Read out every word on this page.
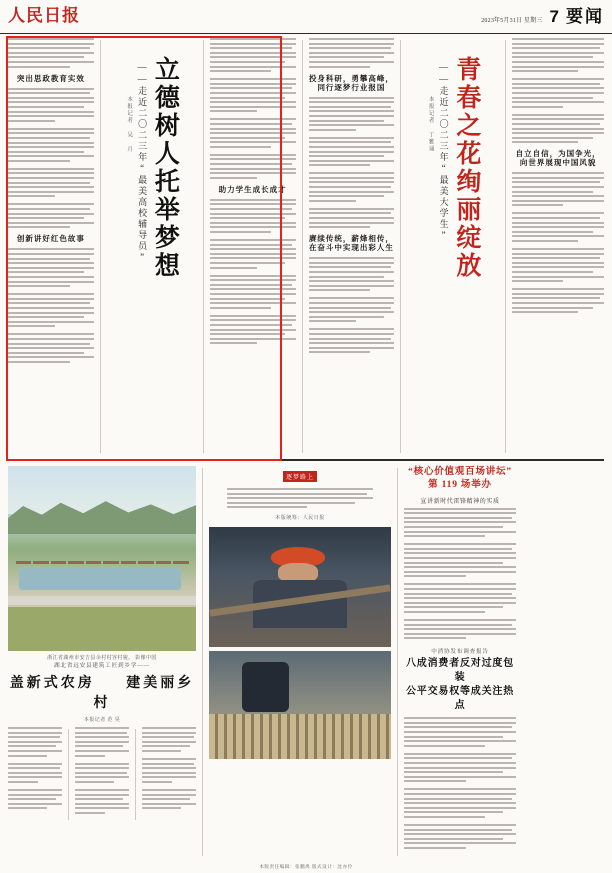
人民日报	2023年5月31日 星期三 7 要闻
突出思政教育实效
创新讲好红色故事	立德树人托举梦想
——走近二〇二三年“最美高校辅导员”
本报记者 吴 月
助力学生成长成才
投身科研，勇攀高峰，同行逐梦行业报国
赓续传统，薪烽相传，在奋斗中实现出彩人生 青春之花绚丽绽放
——走近二〇二三年“最美大学生”
本报记者 丁雅诵
自立自信，为国争光，向世界展现中国风貌
浙江省湖州市安吉县余村村容村貌。 影像中国
湖北省远安县建筑工匠到乡学——
盖新式农房 建美丽乡村
本报记者 范 昊
逐梦路上
本版统筹：人民日报
“核心价值观百场讲坛”
第 119 场举办
宣讲新时代雷锋精神的实质
中消协发布调查报告
八成消费者反对过度包装
公平交易权等成关注热点
本版责任编辑：张鹏禹 版式设计：沈亦伶
